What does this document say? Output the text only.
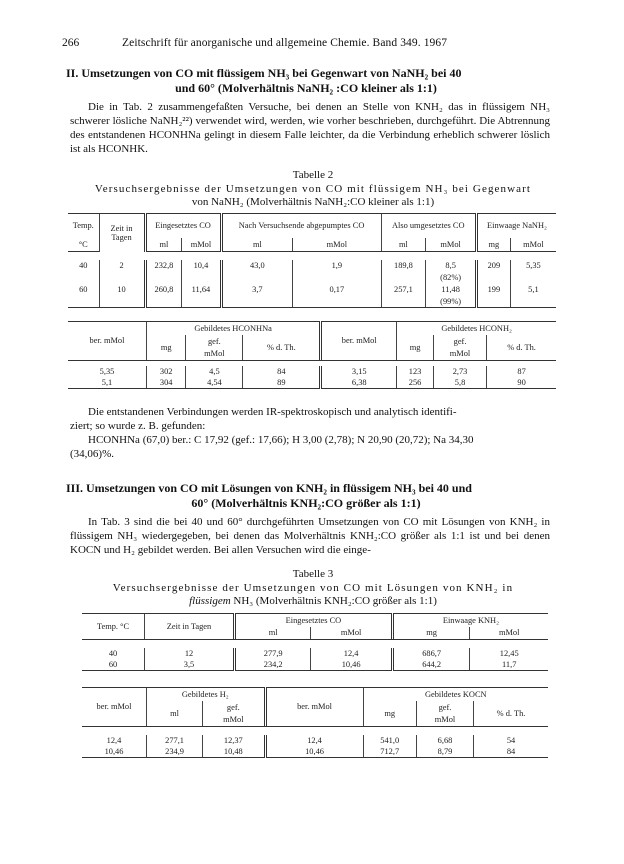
266	Zeitschrift für anorganische und allgemeine Chemie. Band 349. 1967
II. Umsetzungen von CO mit flüssigem NH₃ bei Gegenwart von NaNH₂ bei 40
und 60° (Molverhältnis NaNH₂ :CO kleiner als 1:1)

Die in Tab. 2 zusammengefaßten Versuche, bei denen an Stelle von KNH₂ das in flüssigem NH₃ schwerer lösliche NaNH₂²²) verwendet wird, werden, wie vorher beschrieben, durchgeführt. Die Abtrennung des entstandenen HCONHNa gelingt in diesem Falle leichter, da die Verbindung erheblich schwerer löslich ist als HCONHK.

Tabelle 2
Versuchsergebnisse der Umsetzungen von CO mit flüssigem NH₃ bei Gegenwart
von NaNH₂ (Molverhältnis NaNH₂:CO kleiner als 1:1)
Temp.	Zeit in Tagen	Eingesetztes CO		Nach Versuchsende abgepumptes CO		Also umgesetztes CO		Einwaage NaNH₂	

°C		ml	mMol	ml	mMol	ml	mMol	mg	mMol

40	2	232,8	10,4	43,0	1,9	189,8	8,5	209	5,35
							(82%)		
60	10	260,8	11,64	3,7	0,17	257,1	11,48	199	5,1
							(99%)		
ber. mMol	Gebildetes HCONHNa			ber. mMol	Gebildetes HCONH₂		
	mg	gef.	% d. Th.		mg	gef.	% d. Th.
		mMol				mMol	

5,35	302	4,5	84	3,15	123	2,73	87
5,1	304	4,54	89	6,38	256	5,8	90
Die entstandenen Verbindungen werden IR-spektroskopisch und analytisch identifi-
ziert; so wurde z. B. gefunden:
HCONHNa (67,0) ber.: C 17,92 (gef.: 17,66); H 3,00 (2,78); N 20,90 (20,72); Na 34,30
(34,06)%.
III. Umsetzungen von CO mit Lösungen von KNH₂ in flüssigem NH₃ bei 40 und
60° (Molverhältnis KNH₂:CO größer als 1:1)

In Tab. 3 sind die bei 40 und 60° durchgeführten Umsetzungen von CO mit Lösungen von KNH₂ in flüssigem NH₃ wiedergegeben, bei denen das Molverhältnis KNH₂:CO größer als 1:1 ist und bei denen KOCN und H₂ gebildet werden. Bei allen Versuchen wird die einge-

Tabelle 3
Versuchsergebnisse der Umsetzungen von CO mit Lösungen von KNH₂ in
flüssigem NH₃ (Molverhältnis KNH₂:CO größer als 1:1)
Temp. °C	Zeit in Tagen	Eingesetztes CO		Einwaage KNH₂	
		ml	mMol	mg	mMol

40	12	277,9	12,4	686,7	12,45
60	3,5	234,2	10,46	644,2	11,7
ber. mMol	Gebildetes H₂		ber. mMol	Gebildetes KOCN		
	ml	gef.		mg	gef.	% d. Th.
		mMol			mMol	

12,4	277,1	12,37	12,4	541,0	6,68	54
10,46	234,9	10,48	10,46	712,7	8,79	84
